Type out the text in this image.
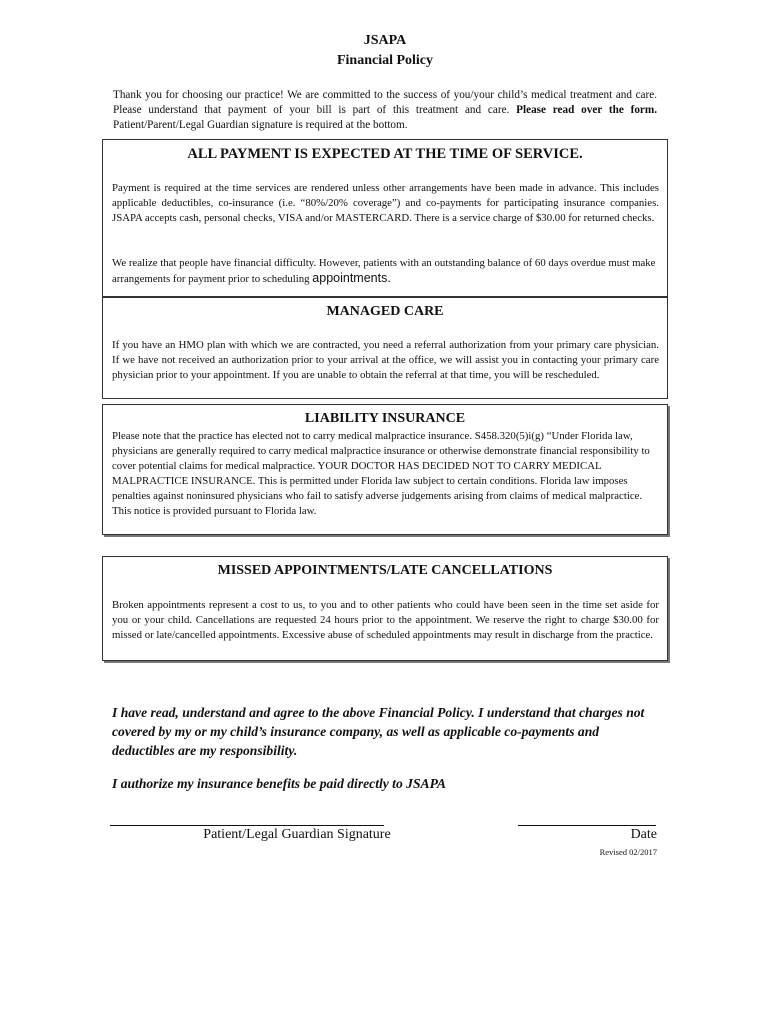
JSAPA
Financial Policy
Thank you for choosing our practice! We are committed to the success of you/your child’s medical treatment and care. Please understand that payment of your bill is part of this treatment and care. Please read over the form. Patient/Parent/Legal Guardian signature is required at the bottom.
ALL PAYMENT IS EXPECTED AT THE TIME OF SERVICE.
Payment is required at the time services are rendered unless other arrangements have been made in advance. This includes applicable deductibles, co-insurance (i.e. “80%/20% coverage”) and co-payments for participating insurance companies. JSAPA accepts cash, personal checks, VISA and/or MASTERCARD. There is a service charge of $30.00 for returned checks.
We realize that people have financial difficulty. However, patients with an outstanding balance of 60 days overdue must make arrangements for payment prior to scheduling appointments.
MANAGED CARE
If you have an HMO plan with which we are contracted, you need a referral authorization from your primary care physician. If we have not received an authorization prior to your arrival at the office, we will assist you in contacting your primary care physician prior to your appointment. If you are unable to obtain the referral at that time, you will be rescheduled.
LIABILITY INSURANCE
Please note that the practice has elected not to carry medical malpractice insurance. S458.320(5)i(g) “Under Florida law, physicians are generally required to carry medical malpractice insurance or otherwise demonstrate financial responsibility to cover potential claims for medical malpractice. YOUR DOCTOR HAS DECIDED NOT TO CARRY MEDICAL MALPRACTICE INSURANCE. This is permitted under Florida law subject to certain conditions. Florida law imposes penalties against noninsured physicians who fail to satisfy adverse judgements arising from claims of medical malpractice. This notice is provided pursuant to Florida law.
MISSED APPOINTMENTS/LATE CANCELLATIONS
Broken appointments represent a cost to us, to you and to other patients who could have been seen in the time set aside for you or your child. Cancellations are requested 24 hours prior to the appointment. We reserve the right to charge $30.00 for missed or late/cancelled appointments. Excessive abuse of scheduled appointments may result in discharge from the practice.
I have read, understand and agree to the above Financial Policy. I understand that charges not covered by my or my child’s insurance company, as well as applicable co-payments and deductibles are my responsibility.
I authorize my insurance benefits be paid directly to JSAPA
Patient/Legal Guardian Signature	Date
Revised 02/2017
